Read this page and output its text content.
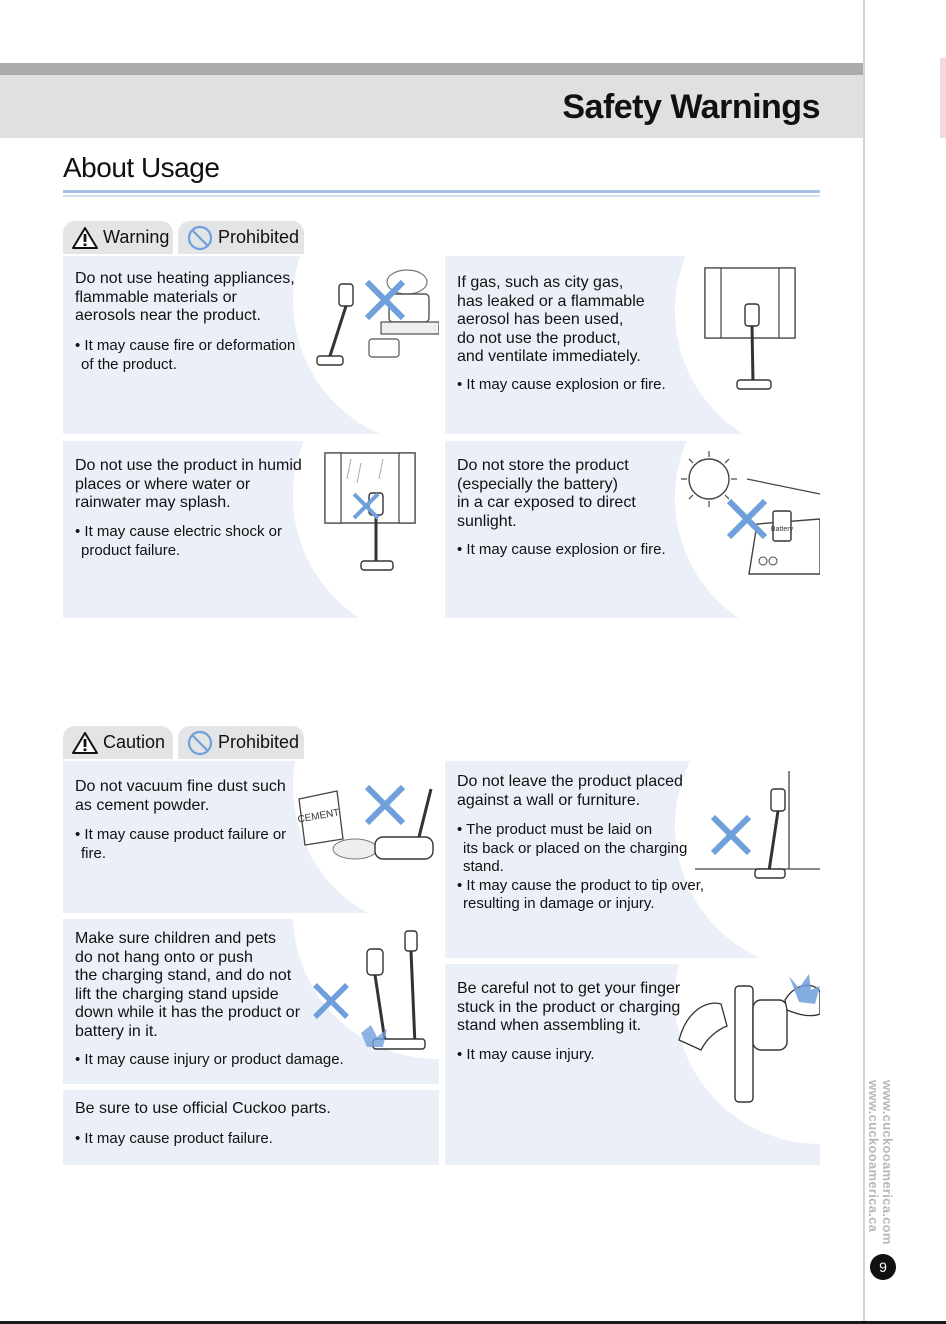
Safety Warnings
About Usage
Warning	Prohibited
Do not use heating appliances,
flammable materials or
aerosols near the product.
• It may cause fire or deformation
of the product.
If gas, such as city gas,
has leaked or a flammable
aerosol has been used,
do not use the product,
and ventilate immediately.
• It may cause explosion or fire.
Do not use the product in humid
places or where water or
rainwater may splash.
• It may cause electric shock or
product failure.
Battery
Do not store the product
(especially the battery)
in a car exposed to direct
sunlight.
• It may cause explosion or fire.
Caution	Prohibited
CEMENT
Do not vacuum fine dust such
as cement powder.
• It may cause product failure or
fire.
Do not leave the product placed
against a wall or furniture.
• The product must be laid on
its back or placed on the charging
stand.
• It may cause the product to tip over,
resulting in damage or injury.
Make sure children and pets
do not hang onto or push
the charging stand, and do not
lift the charging stand upside
down while it has the product or
battery in it.
• It may cause injury or product damage.
Be careful not to get your finger
stuck in the product or charging
stand when assembling it.
• It may cause injury.
Be sure to use official Cuckoo parts.
• It may cause product failure.	www.cuckooamerica.com
www.cuckooamerica.ca
9
